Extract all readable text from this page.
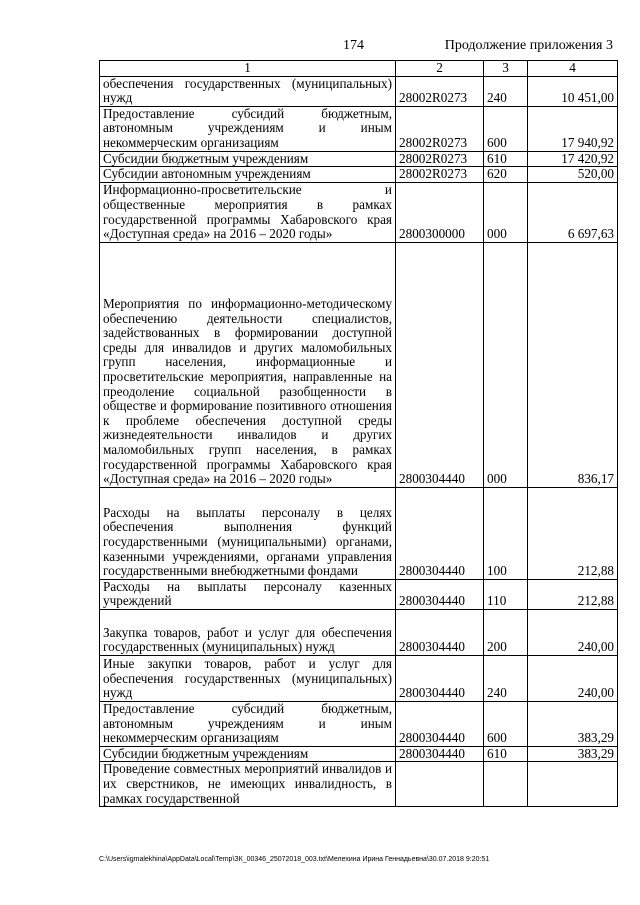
174	Продолжение приложения 3
1	2	3	4
обеспечения государственных (муниципальных) нужд	28002R0273	240	10 451,00
Предоставление субсидий бюджетным, автономным учреждениям и иным некоммерческим организациям	28002R0273	600	17 940,92
Субсидии бюджетным учреждениям	28002R0273	610	17 420,92
Субсидии автономным учреждениям	28002R0273	620	520,00
Информационно-просветительские и общественные мероприятия в рамках государственной программы Хабаровского края «Доступная среда» на 2016 – 2020 годы»	2800300000	000	6 697,63
Мероприятия по информационно-методическому обеспечению деятельности специалистов, задействованных в формировании доступной среды для инвалидов и других маломобильных групп населения, информационные и просветительские мероприятия, направленные на преодоление социальной разобщенности в обществе и формирование позитивного отношения к проблеме обеспечения доступной среды жизнедеятельности инвалидов и других маломобильных групп населения, в рамках государственной программы Хабаровского края «Доступная среда» на 2016 – 2020 годы»	2800304440	000	836,17
Расходы на выплаты персоналу в целях обеспечения выполнения функций государственными (муниципальными) органами, казенными учреждениями, органами управления государственными внебюджетными фондами	2800304440	100	212,88
Расходы на выплаты персоналу казенных учреждений	2800304440	110	212,88
Закупка товаров, работ и услуг для обеспечения государственных (муниципальных) нужд	2800304440	200	240,00
Иные закупки товаров, работ и услуг для обеспечения государственных (муниципальных) нужд	2800304440	240	240,00
Предоставление субсидий бюджетным, автономным учреждениям и иным некоммерческим организациям	2800304440	600	383,29
Субсидии бюджетным учреждениям	2800304440	610	383,29
Проведение совместных мероприятий инвалидов и их сверстников, не имеющих инвалидность, в рамках государственной			
C:\Users\igmalekhina\AppData\Local\Temp\ЗК_00346_25072018_003.txt\Мелехина Ирина Геннадьевна\30.07.2018 9:20:51
